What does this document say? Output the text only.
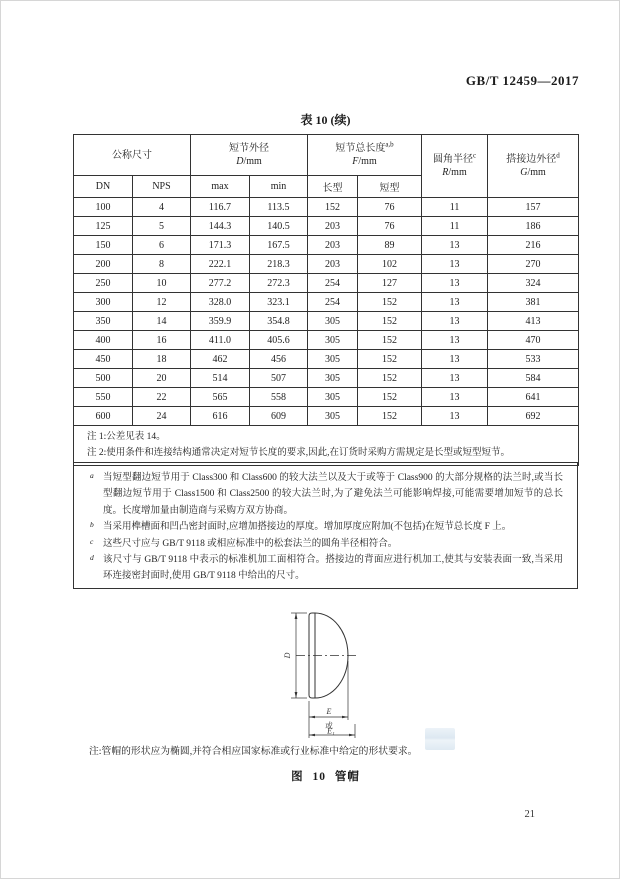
GB/T 12459—2017
表 10 (续)
公称尺寸		短节外径
D/mm		短节总长度$^{a,b}$
F/mm		圆角半径$^c$
R/mm	搭接边外径$^d$
G/mm
DN	NPS	max	min	长型	短型		
100	4	116.7	113.5	152	76	11	157
125	5	144.3	140.5	203	76	11	186
150	6	171.3	167.5	203	89	13	216
200	8	222.1	218.3	203	102	13	270
250	10	277.2	272.3	254	127	13	324
300	12	328.0	323.1	254	152	13	381
350	14	359.9	354.8	305	152	13	413
400	16	411.0	405.6	305	152	13	470
450	18	462	456	305	152	13	533
500	20	514	507	305	152	13	584
550	22	565	558	305	152	13	641
600	24	616	609	305	152	13	692

注 1:公差见表 14。
注 2:使用条件和连接结构通常决定对短节长度的要求,因此,在订货时采购方需规定是长型或短型短节。							
a 当短型翻边短节用于 Class300 和 Class600 的较大法兰以及大于或等于 Class900 的大部分规格的法兰时,或当长型翻边短节用于 Class1500 和 Class2500 的较大法兰时,为了避免法兰可能影响焊接,可能需要增加短节的总长度。长度增加量由制造商与采购方双方协商。
b 当采用榫槽面和凹凸密封面时,应增加搭接边的厚度。增加厚度应附加(不包括)在短节总长度 F 上。
c 这些尺寸应与 GB/T 9118 或相应标准中的松套法兰的圆角半径相符合。
d 该尺寸与 GB/T 9118 中表示的标准机加工面相符合。搭接边的背面应进行机加工,使其与安装表面一致,当采用环连接密封面时,使用 GB/T 9118 中给出的尺寸。
D
E
或
E₁
注:管帽的形状应为椭圆,并符合相应国家标准或行业标准中给定的形状要求。
图 10 管帽
21
